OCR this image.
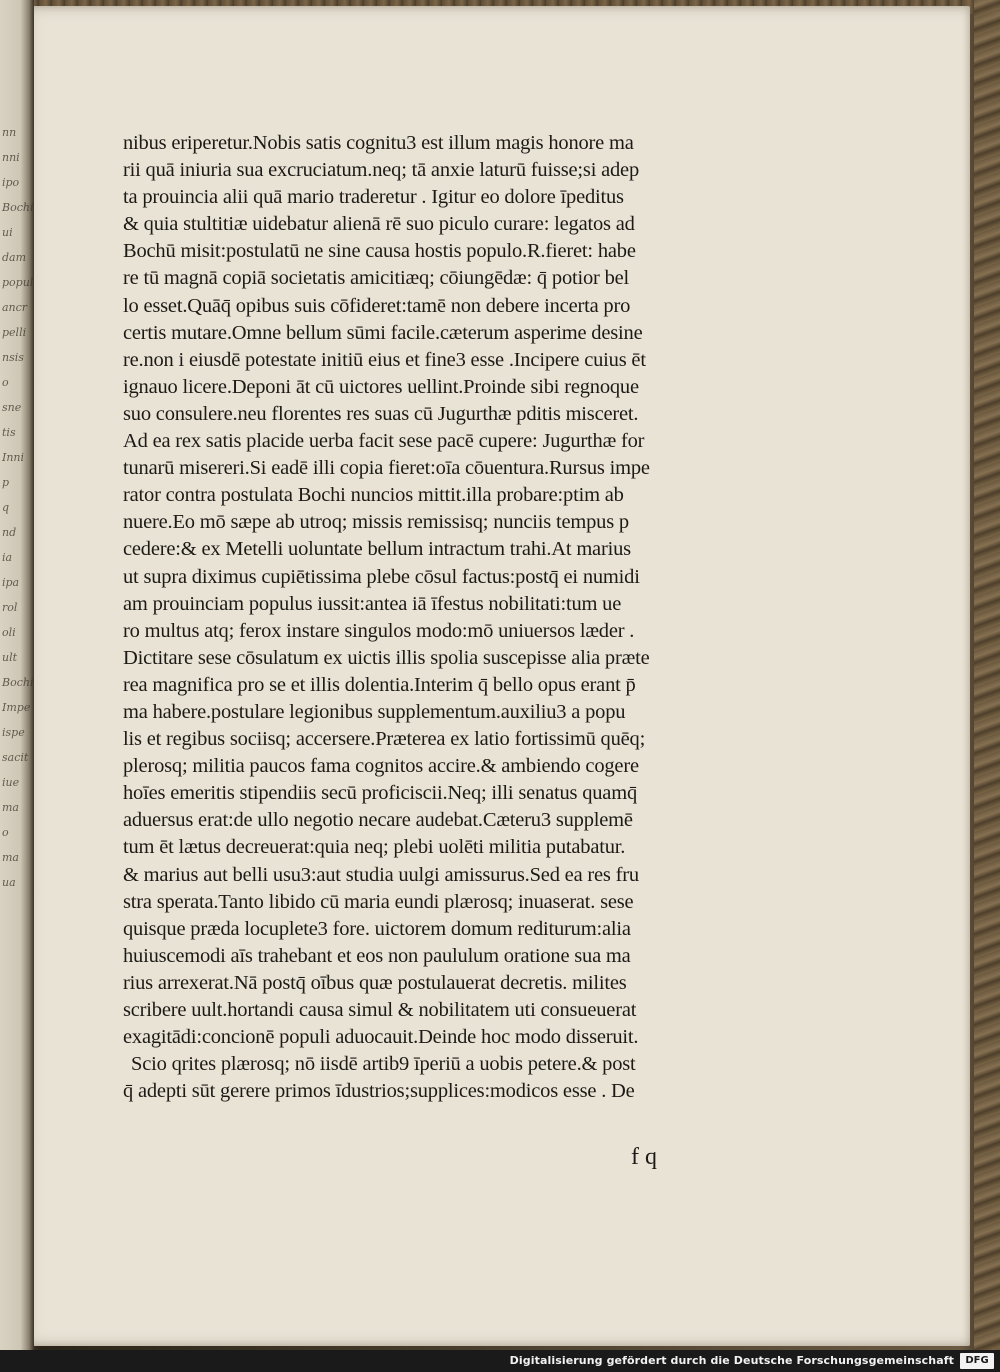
nibus eriperetur.Nobis satis cognitu3 est illum magis honore ma
rii quā iniuria sua excruciatum.neq; tā anxie laturū fuisse;si adep
ta prouincia alii quā mario traderetur . Igitur eo dolore īpeditus
& quia stultitiæ uidebatur alienā rē suo piculo curare: legatos ad
Bochū misit:postulatū ne sine causa hostis populo.R.fieret: habe
re tū magnā copiā societatis amicitiæq; cōiungēdæ: q̄ potior bel
lo esset.Quāq̄ opibus suis cōfideret:tamē non debere incerta pro
certis mutare.Omne bellum sūmi facile.cæterum asperime desine
re.non i eiusdē potestate initiū eius et fine3 esse .Incipere cuius ēt
ignauo licere.Deponi āt cū uictores uellint.Proinde sibi regnoque
suo consulere.neu florentes res suas cū Jugurthæ pditis misceret.
Ad ea rex satis placide uerba facit sese pacē cupere: Jugurthæ for
tunarū misereri.Si eadē illi copia fieret:oīa cōuentura.Rursus impe
rator contra postulata Bochi nuncios mittit.illa probare:ptim ab
nuere.Eo mō sæpe ab utroq; missis remissisq; nunciis tempus p
cedere:& ex Metelli uoluntate bellum intractum trahi.At marius
ut supra diximus cupiētissima plebe cōsul factus:postq̄ ei numidi
am prouinciam populus iussit:antea iā īfestus nobilitati:tum ue
ro multus atq; ferox instare singulos modo:mō uniuersos læder .
Dictitare sese cōsulatum ex uictis illis spolia suscepisse alia præte
rea magnifica pro se et illis dolentia.Interim q̄ bello opus erant p̄
ma habere.postulare legionibus supplementum.auxiliu3 a popu
lis et regibus sociisq; accersere.Præterea ex latio fortissimū quēq;
plerosq; militia paucos fama cognitos accire.& ambiendo cogere
hoīes emeritis stipendiis secū proficiscii.Neq; illi senatus quamq̄
aduersus erat:de ullo negotio necare audebat.Cæteru3 supplemē
tum ēt lætus decreuerat:quia neq; plebi uolēti militia putabatur.
& marius aut belli usu3:aut studia uulgi amissurus.Sed ea res fru
stra sperata.Tanto libido cū maria eundi plærosq; inuaserat. sese
quisque præda locuplete3 fore. uictorem domum rediturum:alia
huiuscemodi aīs trahebant et eos non paululum oratione sua ma
rius arrexerat.Nā postq̄ oībus quæ postulauerat decretis. milites
scribere uult.hortandi causa simul & nobilitatem uti consueuerat
exagitādi:concionē populi aduocauit.Deinde hoc modo disseruit.
Scio qrites plærosq; nō iisdē artib9 īperiū a uobis petere.& post
q̄ adepti sūt gerere primos īdustrios;supplices:modicos esse . De
f q
nn
nni
ipo
Bochi
ui
dam
popul
ancr
pelli
nsis
o
sne
tis
Inni
p
q
nd
ia
ipa
rol
oli
ult
Bochi
Impe
ispe
sacit
iue
ma
o
ma
ua
Digitalisierung gefördert durch die Deutsche Forschungsgemeinschaft	DFG
